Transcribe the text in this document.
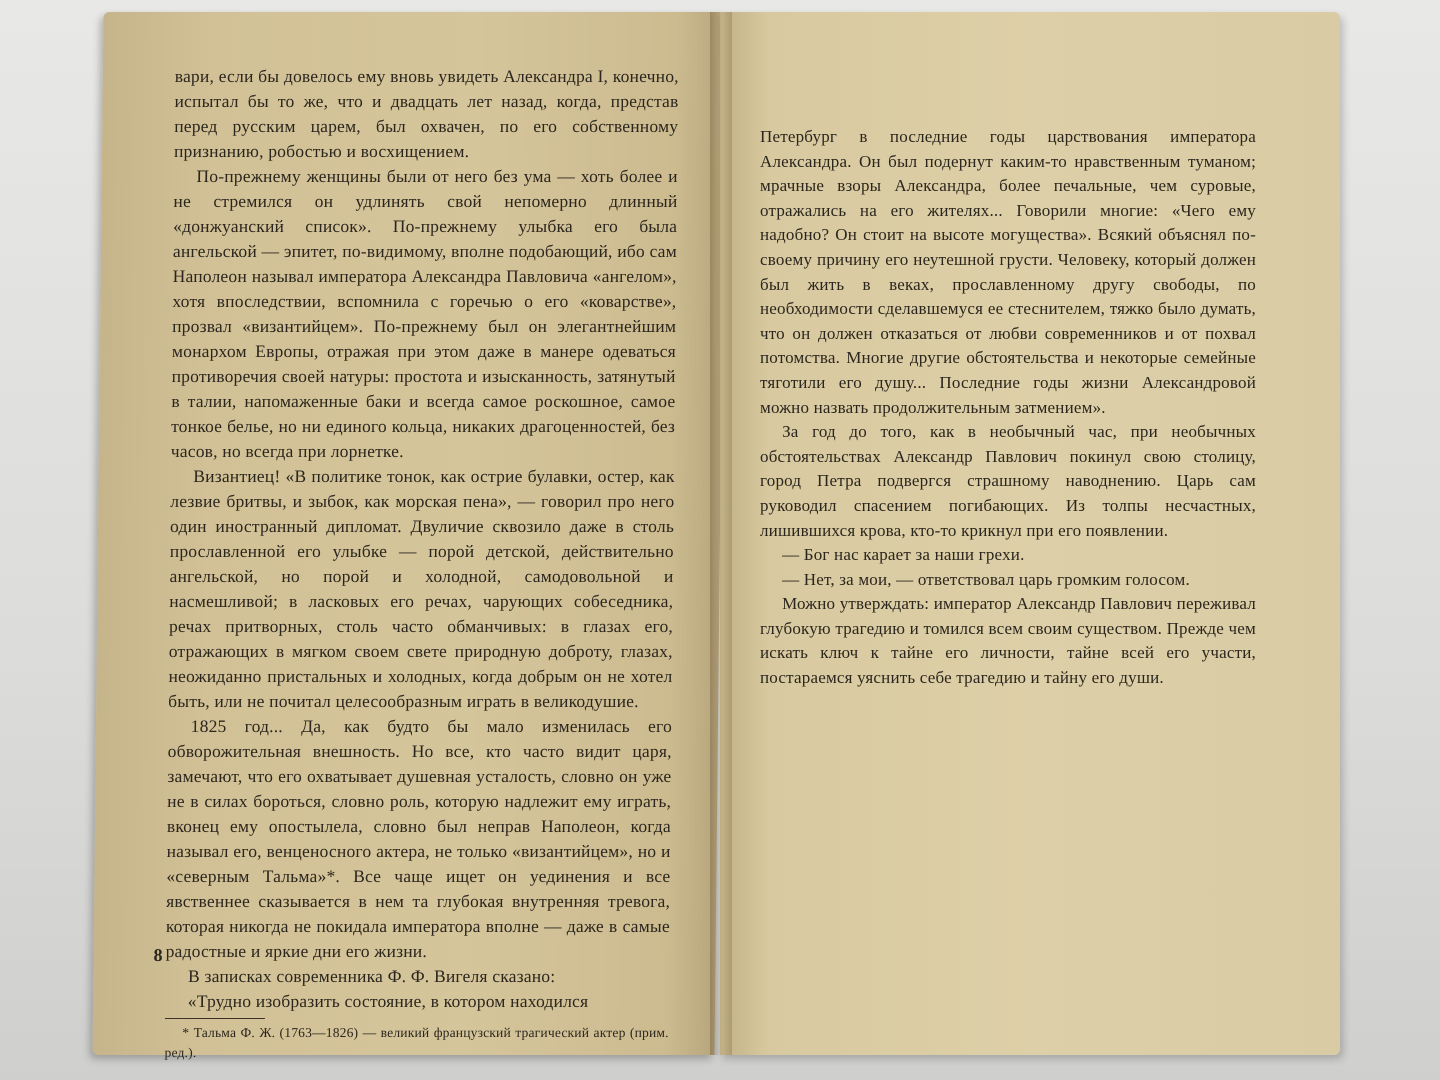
вари, если бы довелось ему вновь увидеть Александра I, конечно, испытал бы то же, что и двадцать лет назад, когда, представ перед русским царем, был охвачен, по его собственному признанию, робостью и восхищением.

По-прежнему женщины были от него без ума — хоть более и не стремился он удлинять свой непомерно длинный «донжуанский список». По-прежнему улыбка его была ангельской — эпитет, по-видимому, вполне подобающий, ибо сам Наполеон называл императора Александра Павловича «ангелом», хотя впоследствии, вспомнила с горечью о его «коварстве», прозвал «византийцем». По-прежнему был он элегантнейшим монархом Европы, отражая при этом даже в манере одеваться противоречия своей натуры: простота и изысканность, затянутый в талии, напомаженные баки и всегда самое роскошное, самое тонкое белье, но ни единого кольца, никаких драгоценностей, без часов, но всегда при лорнетке.

Византиец! «В политике тонок, как острие булавки, остер, как лезвие бритвы, и зыбок, как морская пена», — говорил про него один иностранный дипломат. Двуличие сквозило даже в столь прославленной его улыбке — порой детской, действительно ангельской, но порой и холодной, самодовольной и насмешливой; в ласковых его речах, чарующих собеседника, речах притворных, столь часто обманчивых: в глазах его, отражающих в мягком своем свете природную доброту, глазах, неожиданно пристальных и холодных, когда добрым он не хотел быть, или не почитал целесообразным играть в великодушие.

1825 год... Да, как будто бы мало изменилась его обворожительная внешность. Но все, кто часто видит царя, замечают, что его охватывает душевная усталость, словно он уже не в силах бороться, словно роль, которую надлежит ему играть, вконец ему опостылела, словно был неправ Наполеон, когда называл его, венценосного актера, не только «византийцем», но и «северным Тальма»*. Все чаще ищет он уединения и все явственнее сказывается в нем та глубокая внутренняя тревога, которая никогда не покидала императора вполне — даже в самые радостные и яркие дни его жизни.

В записках современника Ф. Ф. Вигеля сказано:

«Трудно изобразить состояние, в котором находился

* Тальма Ф. Ж. (1763—1826) — великий французский трагический актер (прим. ред.).
8

Петербург в последние годы царствования императора Александра. Он был подернут каким-то нравственным туманом; мрачные взоры Александра, более печальные, чем суровые, отражались на его жителях... Говорили многие: «Чего ему надобно? Он стоит на высоте могущества». Всякий объяснял по-своему причину его неутешной грусти. Человеку, который должен был жить в веках, прославленному другу свободы, по необходимости сделавшемуся ее стеснителем, тяжко было думать, что он должен отказаться от любви современников и от похвал потомства. Многие другие обстоятельства и некоторые семейные тяготили его душу... Последние годы жизни Александровой можно назвать продолжительным затмением».

За год до того, как в необычный час, при необычных обстоятельствах Александр Павлович покинул свою столицу, город Петра подвергся страшному наводнению. Царь сам руководил спасением погибающих. Из толпы несчастных, лишившихся крова, кто-то крикнул при его появлении.

— Бог нас карает за наши грехи.

— Нет, за мои, — ответствовал царь громким голосом.

Можно утверждать: император Александр Павлович переживал глубокую трагедию и томился всем своим существом. Прежде чем искать ключ к тайне его личности, тайне всей его участи, постараемся уяснить себе трагедию и тайну его души.
